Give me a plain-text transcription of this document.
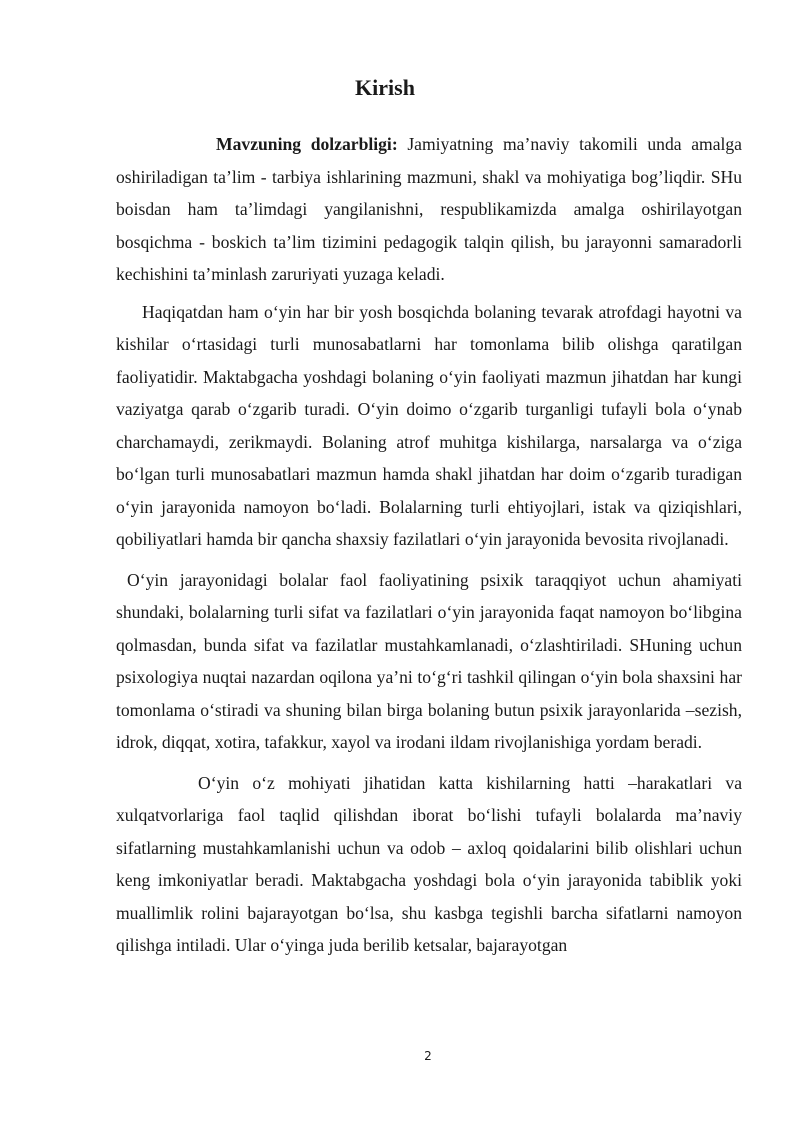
Kirish

Mavzuning dolzarbligi: Jamiyatning ma’naviy takomili unda amalga oshiriladigan ta’lim - tarbiya ishlarining mazmuni, shakl va mohiyatiga bog’liqdir. SHu boisdan ham ta’limdagi yangilanishni, respublikamizda amalga oshirilayotgan bosqichma - boskich ta’lim tizimini pedagogik talqin qilish, bu jarayonni samaradorli kechishini ta’minlash zaruriyati yuzaga keladi.

Haqiqatdan ham o‘yin har bir yosh bosqichda bolaning tevarak atrofdagi hayotni va kishilar o‘rtasidagi turli munosabatlarni har tomonlama bilib olishga qaratilgan faoliyatidir. Maktabgacha yoshdagi bolaning o‘yin faoliyati mazmun jihatdan har kungi vaziyatga qarab o‘zgarib turadi. O‘yin doimo o‘zgarib turganligi tufayli bola o‘ynab charchamaydi, zerikmaydi. Bolaning atrof muhitga kishilarga, narsalarga va o‘ziga bo‘lgan turli munosabatlari mazmun hamda shakl jihatdan har doim o‘zgarib turadigan o‘yin jarayonida namoyon bo‘ladi. Bolalarning turli ehtiyojlari, istak va qiziqishlari, qobiliyatlari hamda bir qancha shaxsiy fazilatlari o‘yin jarayonida bevosita rivojlanadi.

O‘yin jarayonidagi bolalar faol faoliyatining psixik taraqqiyot uchun ahamiyati shundaki, bolalarning turli sifat va fazilatlari o‘yin jarayonida faqat namoyon bo‘libgina qolmasdan, bunda sifat va fazilatlar mustahkamlanadi, o‘zlashtiriladi. SHuning uchun psixologiya nuqtai nazardan oqilona ya’ni to‘g‘ri tashkil qilingan o‘yin bola shaxsini har tomonlama o‘stiradi va shuning bilan birga bolaning butun psixik jarayonlarida –sezish, idrok, diqqat, xotira, tafakkur, xayol va irodani ildam rivojlanishiga yordam beradi.

O‘yin o‘z mohiyati jihatidan katta kishilarning hatti –harakatlari va xulqatvorlariga faol taqlid qilishdan iborat bo‘lishi tufayli bolalarda ma’naviy sifatlarning mustahkamlanishi uchun va odob – axloq qoidalarini bilib olishlari uchun keng imkoniyatlar beradi. Maktabgacha yoshdagi bola o‘yin jarayonida tabiblik yoki muallimlik rolini bajarayotgan bo‘lsa, shu kasbga tegishli barcha sifatlarni namoyon qilishga intiladi. Ular o‘yinga juda berilib ketsalar, bajarayotgan

2
